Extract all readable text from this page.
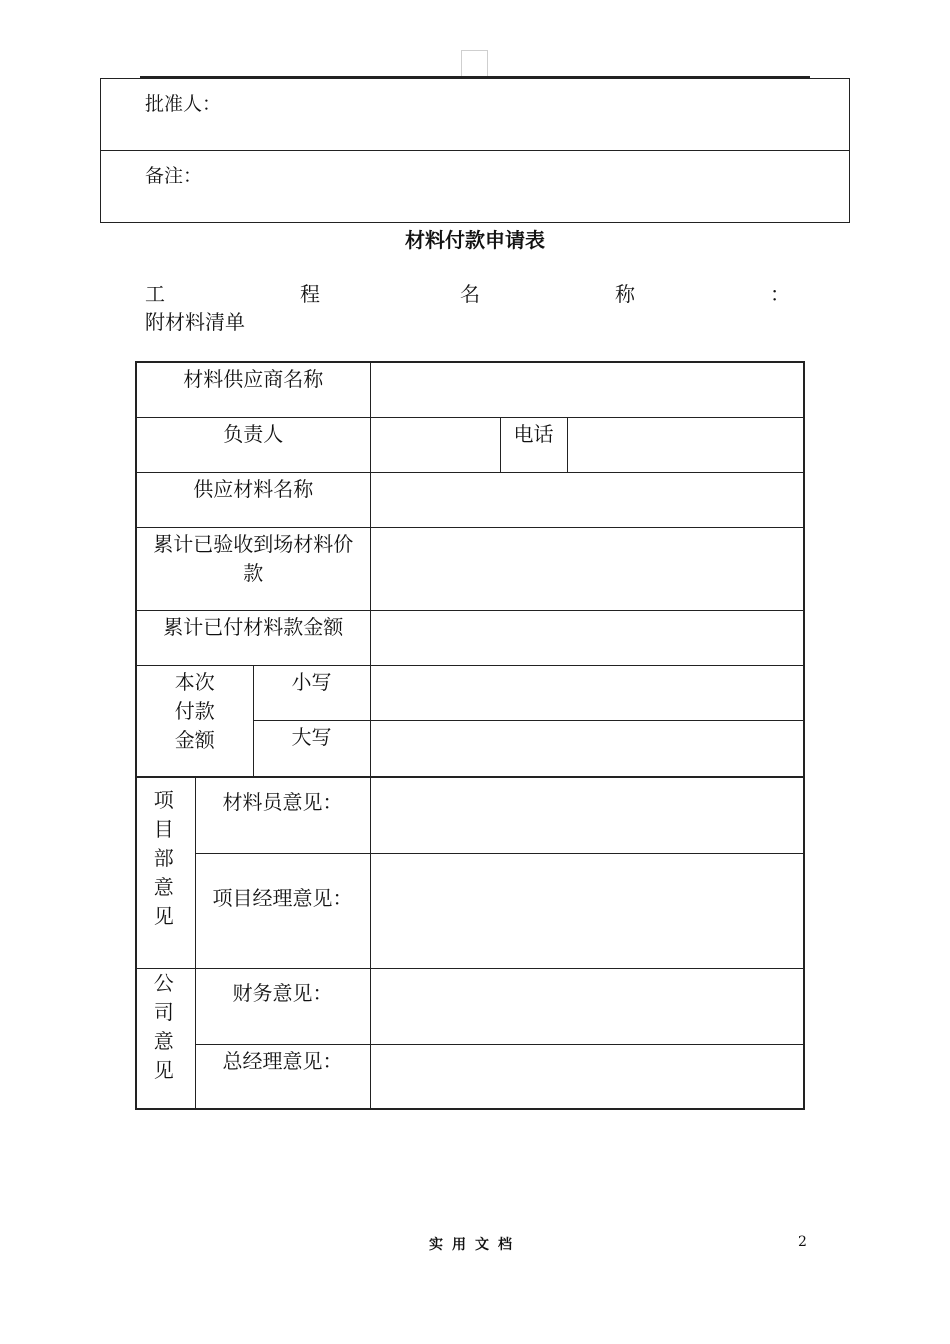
批准人：
备注：
材料付款申请表
工	程	名	称	：
附材料清单
材料供应商名称					
负责人				电话	
供应材料名称					
累计已验收到场材料价款					
累计已付材料款金额					
本次付款金额		小写			
		大写			
项目部意见	材料员意见：				
	项目经理意见：				
公司意见	财务意见：				
	总经理意见：				
实用文档	2
